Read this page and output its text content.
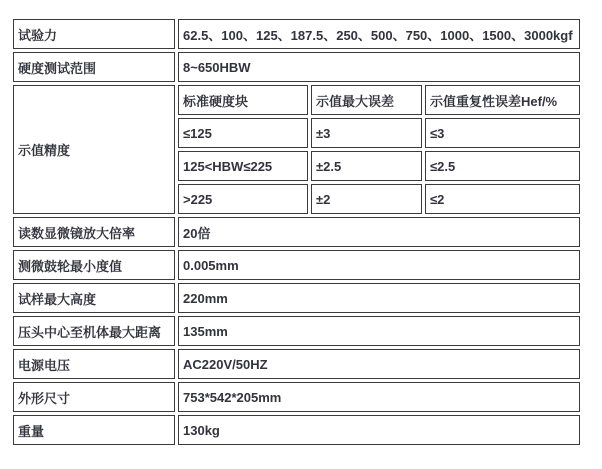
试验力	62.5、100、125、187.5、250、500、750、1000、1500、3000kgf		
硬度测试范围	8~650HBW		
示值精度	标准硬度块	示值最大误差	示值重复性误差Hef/%
	≤125	±3	≤3
	125<HBW≤225	±2.5	≤2.5
	>225	±2	≤2
读数显微镜放大倍率	20倍		
测微鼓轮最小度值	0.005mm		
试样最大高度	220mm		
压头中心至机体最大距离	135mm		
电源电压	AC220V/50HZ		
外形尺寸	753*542*205mm		
重量	130kg		
